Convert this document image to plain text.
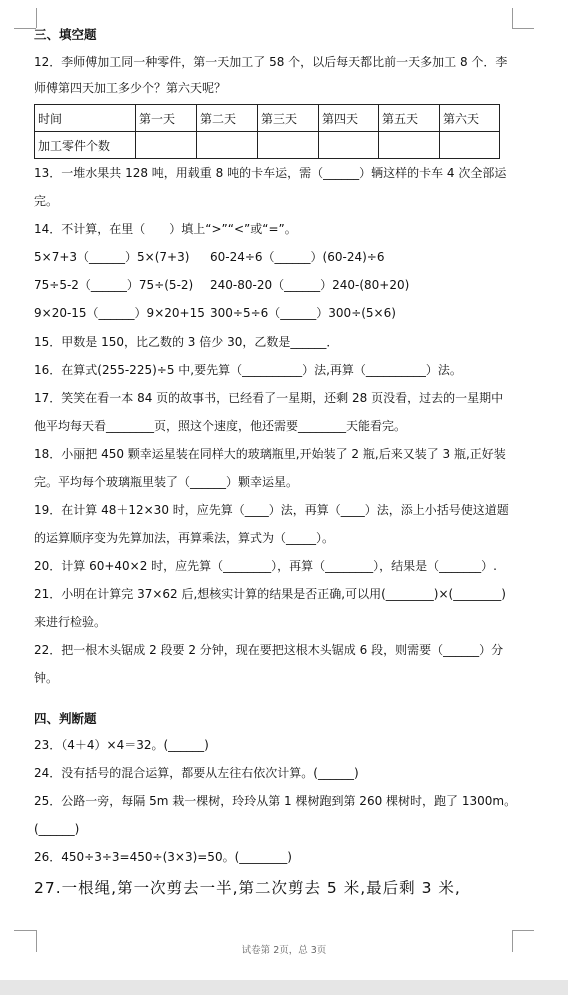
三、填空题
12．李师傅加工同一种零件，第一天加工了 58 个，以后每天都比前一天多加工 8 个．李
师傅第四天加工多少个？第六天呢？
时间	第一天	第二天	第三天	第四天	第五天	第六天
加工零件个数						
13．一堆水果共 128 吨，用载重 8 吨的卡车运，需（______）辆这样的卡车 4 次全部运
完。
14．不计算，在里（　　）填上“>”“<”或“=”。
5×7+3（______）5×(7+3) 60-24÷6（______）(60-24)÷6
75÷5-2（______）75÷(5-2) 240-80-20（______）240-(80+20)
9×20-15（______）9×20+15 300÷5÷6（______）300÷(5×6)
15．甲数是 150，比乙数的 3 倍少 30，乙数是______．
16．在算式(255-225)÷5 中,要先算（__________）法,再算（__________）法。
17．笑笑在看一本 84 页的故事书，已经看了一星期，还剩 28 页没看，过去的一星期中
他平均每天看________页，照这个速度，他还需要________天能看完。
18．小丽把 450 颗幸运星装在同样大的玻璃瓶里,开始装了 2 瓶,后来又装了 3 瓶,正好装
完。平均每个玻璃瓶里装了（______）颗幸运星。
19．在计算 48＋12×30 时，应先算（____）法，再算（____）法，添上小括号使这道题
的运算顺序变为先算加法，再算乘法，算式为（_____）。
20．计算 60+40×2 时，应先算（________），再算（________），结果是（_______）.
21．小明在计算完 37×62 后,想核实计算的结果是否正确,可以用(________)×(________)
来进行检验。
22．把一根木头锯成 2 段要 2 分钟，现在要把这根木头锯成 6 段，则需要（______）分
钟。
四、判断题
23．（4＋4）×4＝32。(______)
24．没有括号的混合运算，都要从左往右依次计算。(______)
25．公路一旁，每隔 5m 栽一棵树，玲玲从第 1 棵树跑到第 260 棵树时，跑了 1300m。
(______)
26．450÷3÷3=450÷(3×3)=50。(________)
27.一根绳,第一次剪去一半,第二次剪去 5 米,最后剩 3 米,
试卷第 2页，总 3页
